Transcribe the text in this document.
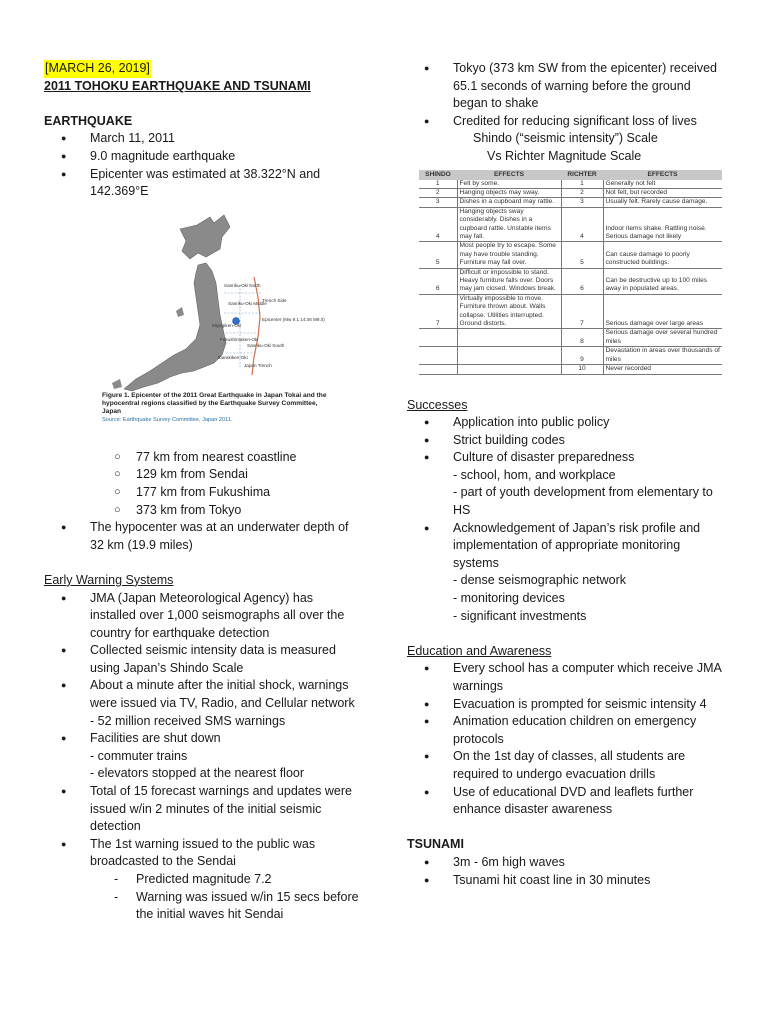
[MARCH 26, 2019]
2011 TOHOKU EARTHQUAKE AND TSUNAMI
EARTHQUAKE
● March 11, 2011
● 9.0 magnitude earthquake
● Epicenter was estimated at 38.322°N and
142.369°E
Sanriku-Oki North
Trench Side
Sanriku-Oki Middle
Epicenter (Mw 9.1 14:46 M9.0)
Miyagiken-Oki
Fukushimaken-Oki
Sanriku-Oki South
Ibarakiken-Oki
Japan Trench
Figure 1. Epicenter of the 2011 Great Earthquake in Japan Tokai and the hypocentral regions classified by the Earthquake Survey Committee, Japan
Source: Earthquake Survey Committee, Japan 2011.
○ 77 km from nearest coastline
○ 129 km from Sendai
○ 177 km from Fukushima
○ 373 km from Tokyo
● The hypocenter was at an underwater depth of
32 km (19.9 miles)
Early Warning Systems
● JMA (Japan Meteorological Agency) has
installed over 1,000 seismographs all over the
country for earthquake detection
● Collected seismic intensity data is measured
using Japan’s Shindo Scale
● About a minute after the initial shock, warnings
were issued via TV, Radio, and Cellular network
- 52 million received SMS warnings
● Facilities are shut down
- commuter trains
- elevators stopped at the nearest floor
● Total of 15 forecast warnings and updates were
issued w/in 2 minutes of the initial seismic
detection
● The 1st warning issued to the public was
broadcasted to the Sendai
- Predicted magnitude 7.2
- Warning was issued w/in 15 secs before
the initial waves hit Sendai
● Tokyo (373 km SW from the epicenter) received
65.1 seconds of warning before the ground
began to shake
● Credited for reducing significant loss of lives
Shindo (“seismic intensity”) Scale
Vs Richter Magnitude Scale
SHINDO	EFFECTS	RICHTER	EFFECTS
1	Felt by some.	1	Generally not felt
2	Hanging objects may sway.	2	Not felt, but recorded
3	Dishes in a cupboard may rattle.	3	Usually felt. Rarely cause damage.
4	Hanging objects sway considerably. Dishes in a cupboard rattle. Unstable items may fall.	4	Indoor items shake. Rattling noise. Serious damage not likely
5	Most people try to escape. Some may have trouble standing. Furniture may fall over.	5	Can cause damage to poorly constructed buildings.
6	Difficult or impossible to stand. Heavy furniture falls over. Doors may jam closed. Windows break.	6	Can be destructive up to 100 miles away in populated areas.
7	Virtually impossible to move. Furniture thrown about. Walls collapse. Utilities interrupted. Ground distorts.	7	Serious damage over large areas
		8	Serious damage over several hundred miles
		9	Devastation in areas over thousands of miles
		10	Never recorded
Successes
● Application into public policy
● Strict building codes
● Culture of disaster preparedness
- school, hom, and workplace
- part of youth development from elementary to
HS
● Acknowledgement of Japan’s risk profile and
implementation of appropriate monitoring
systems
- dense seismographic network
- monitoring devices
- significant investments
Education and Awareness
● Every school has a computer which receive JMA
warnings
● Evacuation is prompted for seismic intensity 4
● Animation education children on emergency
protocols
● On the 1st day of classes, all students are
required to undergo evacuation drills
● Use of educational DVD and leaflets further
enhance disaster awareness
TSUNAMI
● 3m - 6m high waves
● Tsunami hit coast line in 30 minutes
